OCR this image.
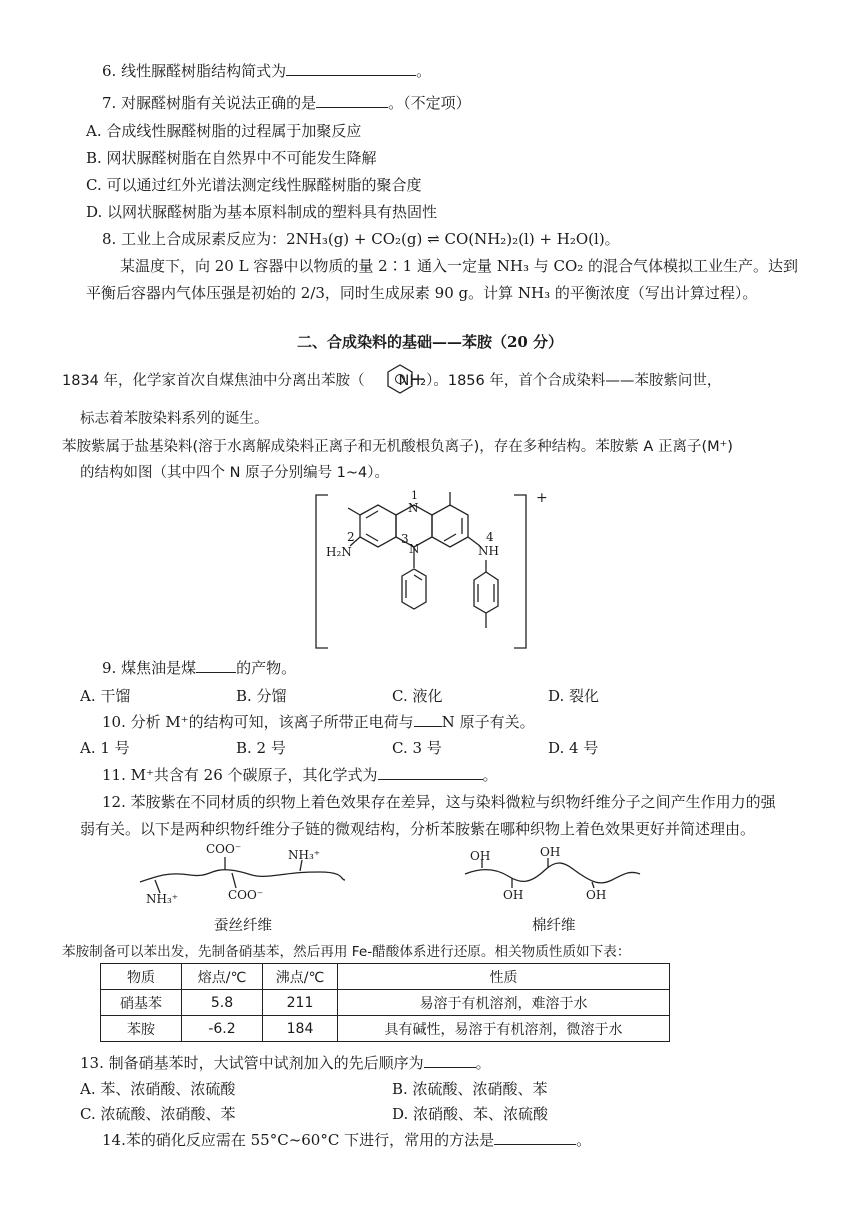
6. 线性脲醛树脂结构简式为	。
7. 对脲醛树脂有关说法正确的是	。（不定项）
A. 合成线性脲醛树脂的过程属于加聚反应
B. 网状脲醛树脂在自然界中不可能发生降解
C. 可以通过红外光谱法测定线性脲醛树脂的聚合度
D. 以网状脲醛树脂为基本原料制成的塑料具有热固性
8. 工业上合成尿素反应为：2NH₃(g) + CO₂(g) ⇌ CO(NH₂)₂(l) + H₂O(l)。
某温度下，向 20 L 容器中以物质的量 2∶1 通入一定量 NH₃ 与 CO₂ 的混合气体模拟工业生产。达到
平衡后容器内气体压强是初始的 2/3，同时生成尿素 90 g。计算 NH₃ 的平衡浓度（写出计算过程）。
二、合成染料的基础——苯胺（20 分）
1834 年，化学家首次自煤焦油中分离出苯胺（ NH₂）。1856 年，首个合成染料——苯胺紫问世，
标志着苯胺染料系列的诞生。
苯胺紫属于盐基染料(溶于水离解成染料正离子和无机酸根负离子)，存在多种结构。苯胺紫 A 正离子(M⁺)
的结构如图（其中四个 N 原子分别编号 1~4）。
+
1
N
2
H₂N
3
N
4
NH
9. 煤焦油是煤	的产物。
A. 干馏	B. 分馏	C. 液化	D. 裂化
10. 分析 M⁺的结构可知，该离子所带正电荷与 N 原子有关。
A. 1 号	B. 2 号	C. 3 号	D. 4 号
11. M⁺共含有 26 个碳原子，其化学式为	。
12. 苯胺紫在不同材质的织物上着色效果存在差异，这与染料微粒与织物纤维分子之间产生作用力的强
弱有关。以下是两种织物纤维分子链的微观结构，分析苯胺紫在哪种织物上着色效果更好并简述理由。
COO⁻
COO⁻
NH₃⁺
NH₃⁺
OH
OH
OH
OH
蚕丝纤维	棉纤维
苯胺制备可以苯出发，先制备硝基苯，然后再用 Fe-醋酸体系进行还原。相关物质性质如下表：
物质	熔点/℃	沸点/℃	性质
硝基苯	5.8	211	易溶于有机溶剂，难溶于水
苯胺	-6.2	184	具有碱性，易溶于有机溶剂，微溶于水
13. 制备硝基苯时，大试管中试剂加入的先后顺序为	。
A. 苯、浓硝酸、浓硫酸	B. 浓硫酸、浓硝酸、苯
C. 浓硫酸、浓硝酸、苯	D. 浓硝酸、苯、浓硫酸
14.苯的硝化反应需在 55°C~60°C 下进行，常用的方法是	。
